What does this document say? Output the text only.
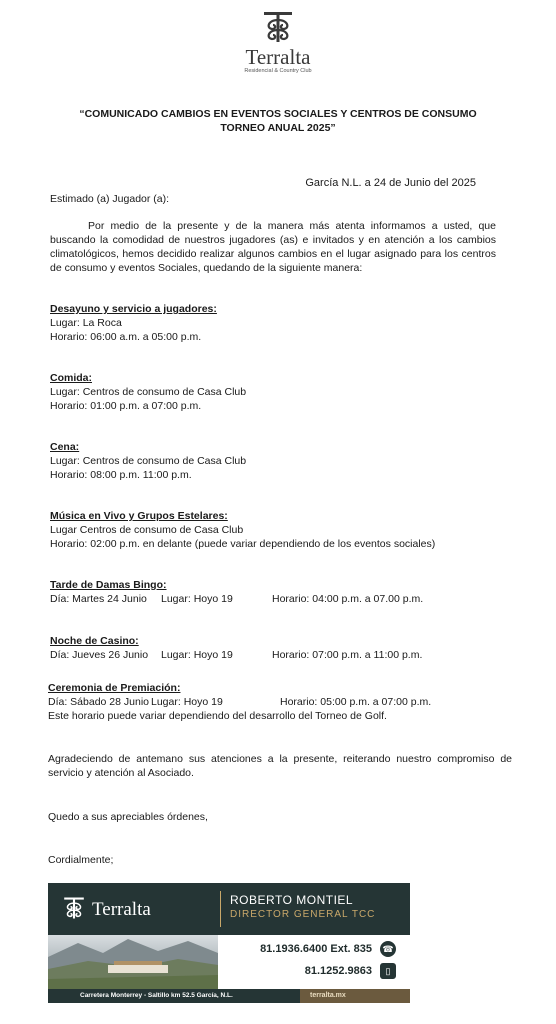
Terralta
Residencial & Country Club
“COMUNICADO CAMBIOS EN EVENTOS SOCIALES Y CENTROS DE CONSUMO
TORNEO ANUAL 2025”
García N.L. a 24 de Junio del 2025
Estimado (a) Jugador (a):
Por medio de la presente y de la manera más atenta informamos a usted, que buscando la comodidad de nuestros jugadores (as) e invitados y en atención a los cambios climatológicos, hemos decidido realizar algunos cambios en el lugar asignado para los centros de consumo y eventos Sociales, quedando de la siguiente manera:
Desayuno y servicio a jugadores:
Lugar: La Roca
Horario: 06:00 a.m. a 05:00 p.m.
Comida:
Lugar: Centros de consumo de Casa Club
Horario: 01:00 p.m. a 07:00 p.m.
Cena:
Lugar: Centros de consumo de Casa Club
Horario: 08:00 p.m. 11:00 p.m.
Música en Vivo y Grupos Estelares:
Lugar Centros de consumo de Casa Club
Horario: 02:00 p.m. en delante (puede variar dependiendo de los eventos sociales)
Tarde de Damas Bingo:

Día: Martes 24 Junio

Lugar: Hoyo 19

	Horario: 04:00 p.m. a 07.00 p.m.

Noche de Casino:

Día: Jueves 26 Junio

Lugar: Hoyo 19

	Horario: 07:00 p.m. a 11:00 p.m.

Ceremonia de Premiación:

Día: Sábado 28 Junio

Lugar: Hoyo 19

	Horario: 05:00 p.m. a 07:00 p.m.

Este horario puede variar dependiendo del desarrollo del Torneo de Golf.
Agradeciendo de antemano sus atenciones a la presente, reiterando nuestro compromiso de servicio y atención al Asociado.
Quedo a sus apreciables órdenes,
Cordialmente;
Terralta	ROBERTO MONTIEL
DIRECTOR GENERAL TCC
81.1936.6400 Ext. 835 ☎
81.1252.9863	▯
Carretera Monterrey - Saltillo km 52.5 García, N.L.	terralta.mx
